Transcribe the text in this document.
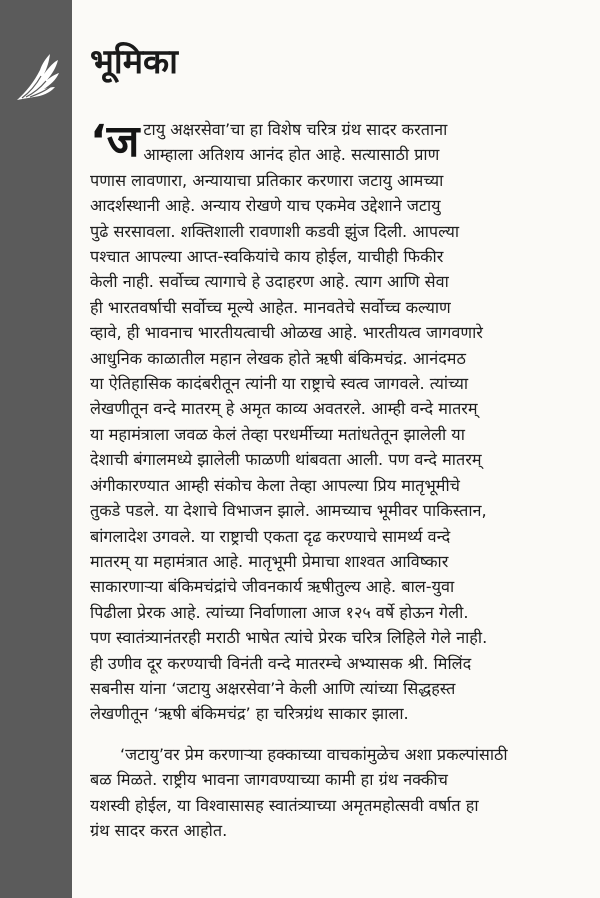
भूमिका
‘ज टायु अक्षरसेवा’चा हा विशेष चरित्र ग्रंथ सादर करताना
आम्हाला अतिशय आनंद होत आहे. सत्यासाठी प्राण
पणास लावणारा, अन्यायाचा प्रतिकार करणारा जटायु आमच्या
आदर्शस्थानी आहे. अन्याय रोखणे याच एकमेव उद्देशाने जटायु
पुढे सरसावला. शक्तिशाली रावणाशी कडवी झुंज दिली. आपल्या
पश्चात आपल्या आप्त-स्वकियांचे काय होईल, याचीही फिकीर
केली नाही. सर्वोच्च त्यागाचे हे उदाहरण आहे. त्याग आणि सेवा
ही भारतवर्षाची सर्वोच्च मूल्ये आहेत. मानवतेचे सर्वोच्च कल्याण
व्हावे, ही भावनाच भारतीयत्वाची ओळख आहे. भारतीयत्व जागवणारे
आधुनिक काळातील महान लेखक होते ऋषी बंकिमचंद्र. आनंदमठ
या ऐतिहासिक कादंबरीतून त्यांनी या राष्ट्राचे स्वत्व जागवले. त्यांच्या
लेखणीतून वन्दे मातरम् हे अमृत काव्य अवतरले. आम्ही वन्दे मातरम्
या महामंत्राला जवळ केलं तेव्हा परधर्मीच्या मतांधतेतून झालेली या
देशाची बंगालमध्ये झालेली फाळणी थांबवता आली. पण वन्दे मातरम्
अंगीकारण्यात आम्ही संकोच केला तेव्हा आपल्या प्रिय मातृभूमीचे
तुकडे पडले. या देशाचे विभाजन झाले. आमच्याच भूमीवर पाकिस्तान,
बांगलादेश उगवले. या राष्ट्राची एकता दृढ करण्याचे सामर्थ्य वन्दे
मातरम् या महामंत्रात आहे. मातृभूमी प्रेमाचा शाश्वत आविष्कार
साकारणाऱ्या बंकिमचंद्रांचे जीवनकार्य ऋषीतुल्य आहे. बाल-युवा
पिढीला प्रेरक आहे. त्यांच्या निर्वाणाला आज १२५ वर्षे होऊन गेली.
पण स्वातंत्र्यानंतरही मराठी भाषेत त्यांचे प्रेरक चरित्र लिहिले गेले नाही.
ही उणीव दूर करण्याची विनंती वन्दे मातरम्चे अभ्यासक श्री. मिलिंद
सबनीस यांना ‘जटायु अक्षरसेवा’ने केली आणि त्यांच्या सिद्धहस्त
लेखणीतून ‘ऋषी बंकिमचंद्र’ हा चरित्रग्रंथ साकार झाला.
‘जटायु’वर प्रेम करणाऱ्या हक्काच्या वाचकांमुळेच अशा प्रकल्पांसाठी
बळ मिळते. राष्ट्रीय भावना जागवण्याच्या कामी हा ग्रंथ नक्कीच
यशस्वी होईल, या विश्वासासह स्वातंत्र्याच्या अमृतमहोत्सवी वर्षात हा
ग्रंथ सादर करत आहोत.
